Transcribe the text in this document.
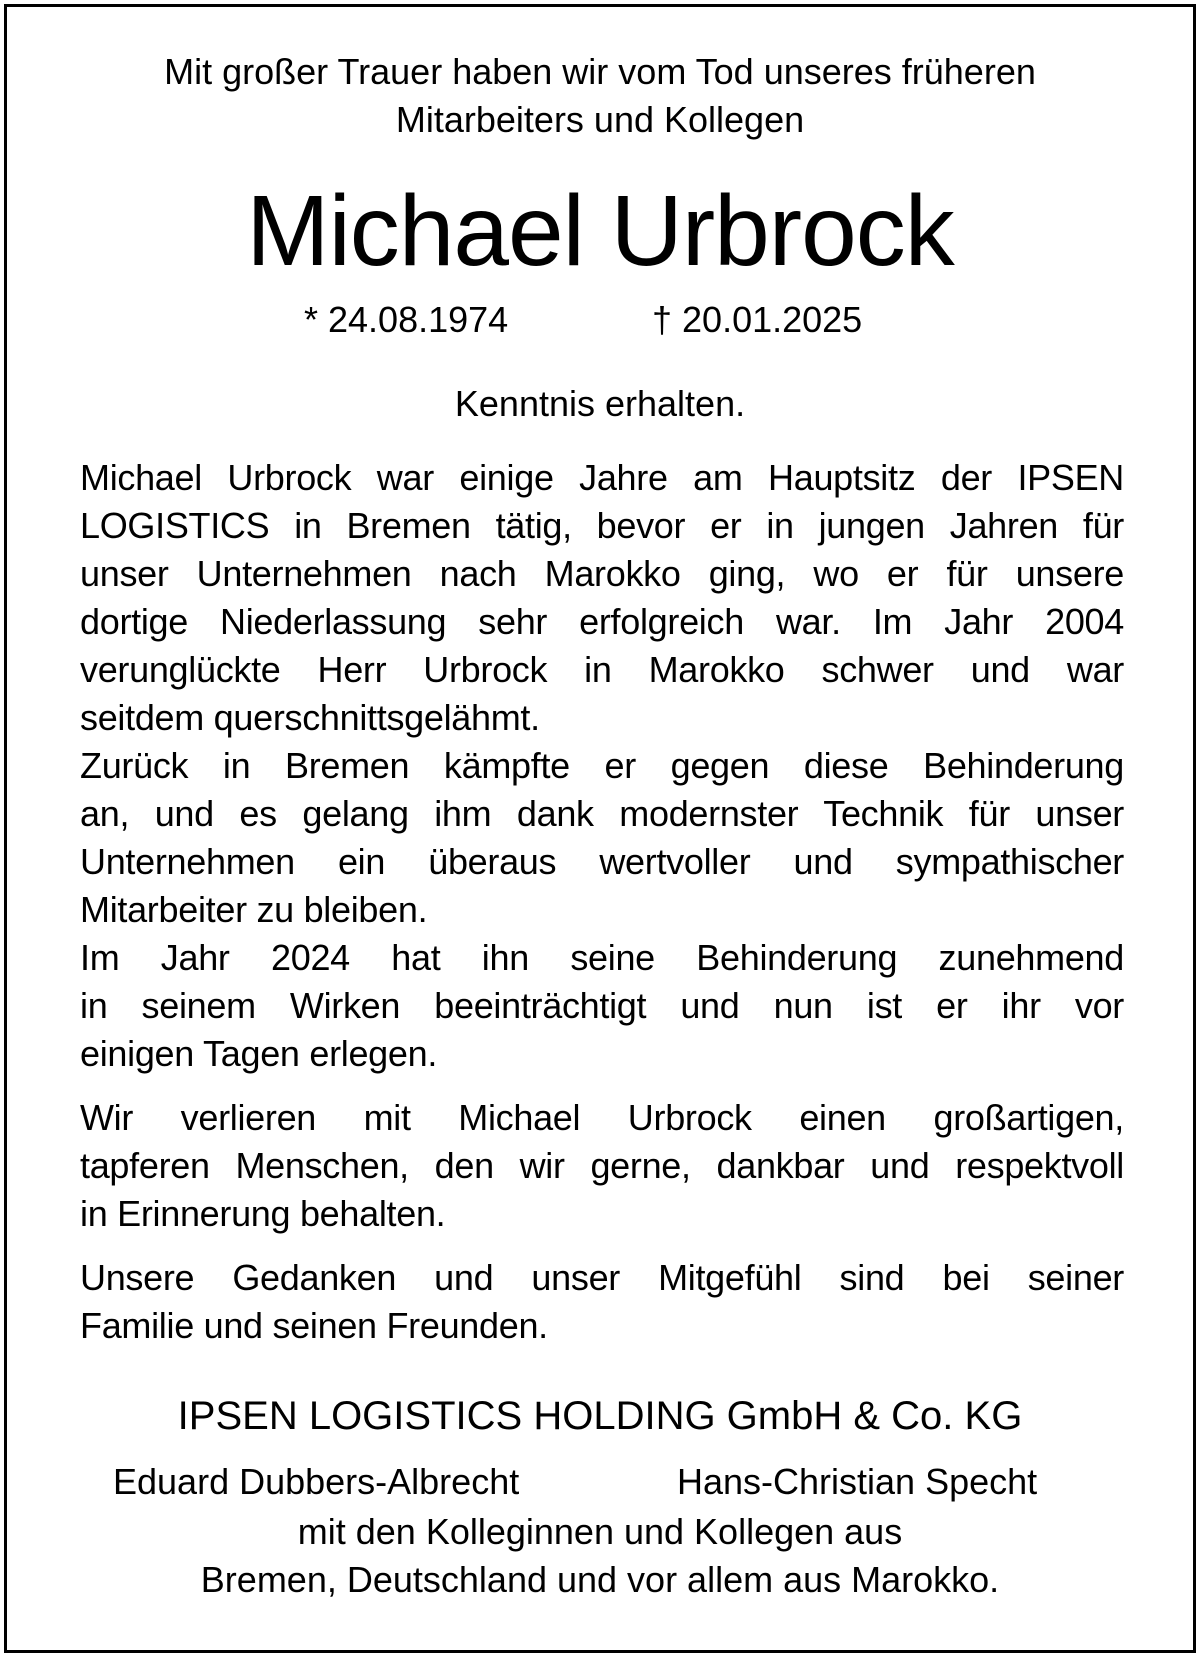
Mit großer Trauer haben wir vom Tod unseres früheren
Mitarbeiters und Kollegen
Michael Urbrock
* 24.08.1974	† 20.01.2025
Kenntnis erhalten.
Michael Urbrock war einige Jahre am Hauptsitz der IPSEN
LOGISTICS in Bremen tätig, bevor er in jungen Jahren für
unser Unternehmen nach Marokko ging, wo er für unsere
dortige Niederlassung sehr erfolgreich war. Im Jahr 2004
verunglückte Herr Urbrock in Marokko schwer und war
seitdem querschnittsgelähmt.
Zurück in Bremen kämpfte er gegen diese Behinderung
an, und es gelang ihm dank modernster Technik für unser
Unternehmen ein überaus wertvoller und sympathischer
Mitarbeiter zu bleiben.
Im Jahr 2024 hat ihn seine Behinderung zunehmend
in seinem Wirken beeinträchtigt und nun ist er ihr vor
einigen Tagen erlegen.
Wir verlieren mit Michael Urbrock einen großartigen,
tapferen Menschen, den wir gerne, dankbar und respektvoll
in Erinnerung behalten.
Unsere Gedanken und unser Mitgefühl sind bei seiner
Familie und seinen Freunden.
IPSEN LOGISTICS HOLDING GmbH & Co. KG
Eduard Dubbers-Albrecht	Hans-Christian Specht
mit den Kolleginnen und Kollegen aus
Bremen, Deutschland und vor allem aus Marokko.
